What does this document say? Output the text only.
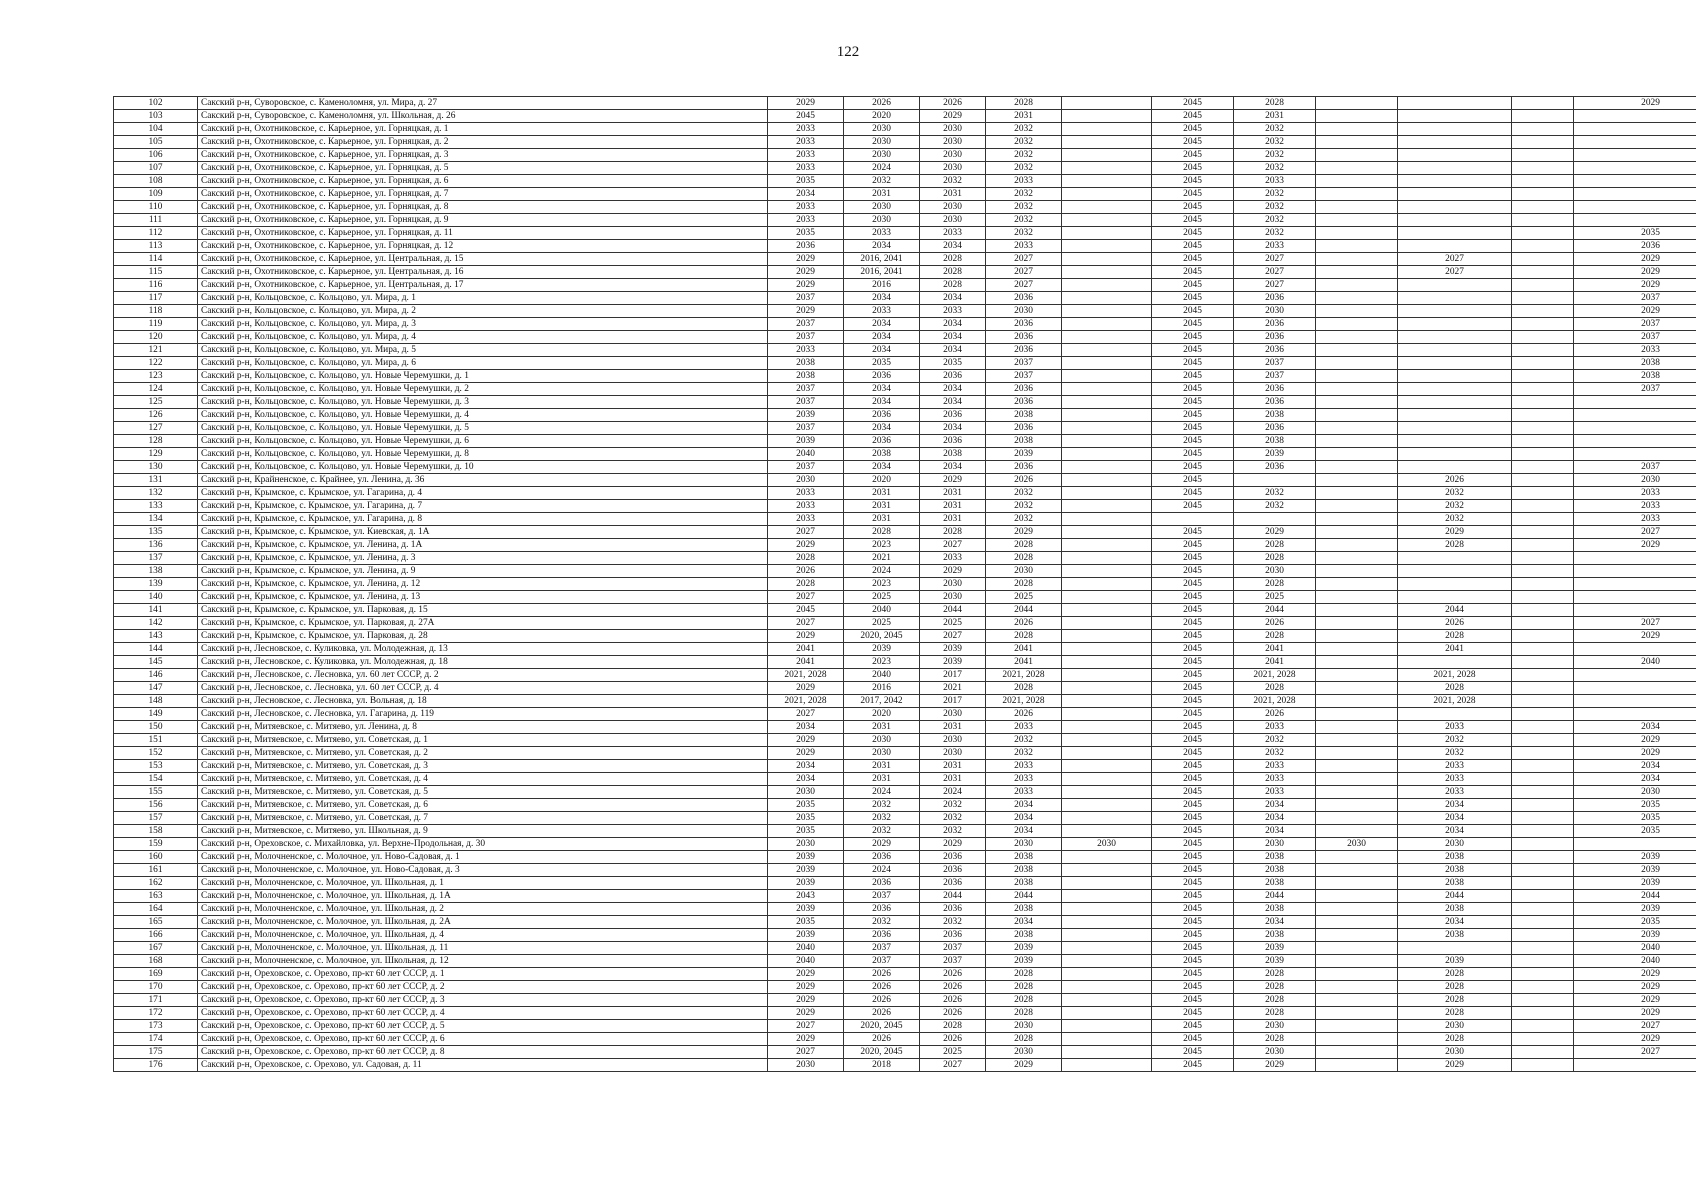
122
102	Сакский р-н, Суворовское, с. Каменоломня, ул. Мира, д. 27	2029	2026	2026	2028		2045	2028				2029
103	Сакский р-н, Суворовское, с. Каменоломня, ул. Школьная, д. 26	2045	2020	2029	2031		2045	2031				
104	Сакский р-н, Охотниковское, с. Карьерное, ул. Горняцкая, д. 1	2033	2030	2030	2032		2045	2032				
105	Сакский р-н, Охотниковское, с. Карьерное, ул. Горняцкая, д. 2	2033	2030	2030	2032		2045	2032				
106	Сакский р-н, Охотниковское, с. Карьерное, ул. Горняцкая, д. 3	2033	2030	2030	2032		2045	2032				
107	Сакский р-н, Охотниковское, с. Карьерное, ул. Горняцкая, д. 5	2033	2024	2030	2032		2045	2032				
108	Сакский р-н, Охотниковское, с. Карьерное, ул. Горняцкая, д. 6	2035	2032	2032	2033		2045	2033				
109	Сакский р-н, Охотниковское, с. Карьерное, ул. Горняцкая, д. 7	2034	2031	2031	2032		2045	2032				
110	Сакский р-н, Охотниковское, с. Карьерное, ул. Горняцкая, д. 8	2033	2030	2030	2032		2045	2032				
111	Сакский р-н, Охотниковское, с. Карьерное, ул. Горняцкая, д. 9	2033	2030	2030	2032		2045	2032				
112	Сакский р-н, Охотниковское, с. Карьерное, ул. Горняцкая, д. 11	2035	2033	2033	2032		2045	2032				2035
113	Сакский р-н, Охотниковское, с. Карьерное, ул. Горняцкая, д. 12	2036	2034	2034	2033		2045	2033				2036
114	Сакский р-н, Охотниковское, с. Карьерное, ул. Центральная, д. 15	2029	2016, 2041	2028	2027		2045	2027		2027		2029
115	Сакский р-н, Охотниковское, с. Карьерное, ул. Центральная, д. 16	2029	2016, 2041	2028	2027		2045	2027		2027		2029
116	Сакский р-н, Охотниковское, с. Карьерное, ул. Центральная, д. 17	2029	2016	2028	2027		2045	2027				2029
117	Сакский р-н, Кольцовское, с. Кольцово, ул. Мира, д. 1	2037	2034	2034	2036		2045	2036				2037
118	Сакский р-н, Кольцовское, с. Кольцово, ул. Мира, д. 2	2029	2033	2033	2030		2045	2030				2029
119	Сакский р-н, Кольцовское, с. Кольцово, ул. Мира, д. 3	2037	2034	2034	2036		2045	2036				2037
120	Сакский р-н, Кольцовское, с. Кольцово, ул. Мира, д. 4	2037	2034	2034	2036		2045	2036				2037
121	Сакский р-н, Кольцовское, с. Кольцово, ул. Мира, д. 5	2033	2034	2034	2036		2045	2036				2033
122	Сакский р-н, Кольцовское, с. Кольцово, ул. Мира, д. 6	2038	2035	2035	2037		2045	2037				2038
123	Сакский р-н, Кольцовское, с. Кольцово, ул. Новые Черемушки, д. 1	2038	2036	2036	2037		2045	2037				2038
124	Сакский р-н, Кольцовское, с. Кольцово, ул. Новые Черемушки, д. 2	2037	2034	2034	2036		2045	2036				2037
125	Сакский р-н, Кольцовское, с. Кольцово, ул. Новые Черемушки, д. 3	2037	2034	2034	2036		2045	2036				
126	Сакский р-н, Кольцовское, с. Кольцово, ул. Новые Черемушки, д. 4	2039	2036	2036	2038		2045	2038				
127	Сакский р-н, Кольцовское, с. Кольцово, ул. Новые Черемушки, д. 5	2037	2034	2034	2036		2045	2036				
128	Сакский р-н, Кольцовское, с. Кольцово, ул. Новые Черемушки, д. 6	2039	2036	2036	2038		2045	2038				
129	Сакский р-н, Кольцовское, с. Кольцово, ул. Новые Черемушки, д. 8	2040	2038	2038	2039		2045	2039				
130	Сакский р-н, Кольцовское, с. Кольцово, ул. Новые Черемушки, д. 10	2037	2034	2034	2036		2045	2036				2037
131	Сакский р-н, Крайненское, с. Крайнее, ул. Ленина, д. 36	2030	2020	2029	2026		2045			2026		2030
132	Сакский р-н, Крымское, с. Крымское, ул. Гагарина, д. 4	2033	2031	2031	2032		2045	2032		2032		2033
133	Сакский р-н, Крымское, с. Крымское, ул. Гагарина, д. 7	2033	2031	2031	2032		2045	2032		2032		2033
134	Сакский р-н, Крымское, с. Крымское, ул. Гагарина, д. 8	2033	2031	2031	2032					2032		2033
135	Сакский р-н, Крымское, с. Крымское, ул. Киевская, д. 1А	2027	2028	2028	2029		2045	2029		2029		2027
136	Сакский р-н, Крымское, с. Крымское, ул. Ленина, д. 1А	2029	2023	2027	2028		2045	2028		2028		2029
137	Сакский р-н, Крымское, с. Крымское, ул. Ленина, д. 3	2028	2021	2033	2028		2045	2028				
138	Сакский р-н, Крымское, с. Крымское, ул. Ленина, д. 9	2026	2024	2029	2030		2045	2030				
139	Сакский р-н, Крымское, с. Крымское, ул. Ленина, д. 12	2028	2023	2030	2028		2045	2028				
140	Сакский р-н, Крымское, с. Крымское, ул. Ленина, д. 13	2027	2025	2030	2025		2045	2025				
141	Сакский р-н, Крымское, с. Крымское, ул. Парковая, д. 15	2045	2040	2044	2044		2045	2044		2044		
142	Сакский р-н, Крымское, с. Крымское, ул. Парковая, д. 27А	2027	2025	2025	2026		2045	2026		2026		2027
143	Сакский р-н, Крымское, с. Крымское, ул. Парковая, д. 28	2029	2020, 2045	2027	2028		2045	2028		2028		2029
144	Сакский р-н, Лесновское, с. Куликовка, ул. Молодежная, д. 13	2041	2039	2039	2041		2045	2041		2041		
145	Сакский р-н, Лесновское, с. Куликовка, ул. Молодежная, д. 18	2041	2023	2039	2041		2045	2041				2040
146	Сакский р-н, Лесновское, с. Лесновка, ул. 60 лет СССР, д. 2	2021, 2028	2040	2017	2021, 2028		2045	2021, 2028		2021, 2028		
147	Сакский р-н, Лесновское, с. Лесновка, ул. 60 лет СССР, д. 4	2029	2016	2021	2028		2045	2028		2028		
148	Сакский р-н, Лесновское, с. Лесновка, ул. Вольная, д. 18	2021, 2028	2017, 2042	2017	2021, 2028		2045	2021, 2028		2021, 2028		
149	Сакский р-н, Лесновское, с. Лесновка, ул. Гагарина, д. 119	2027	2020	2030	2026		2045	2026				
150	Сакский р-н, Митяевское, с. Митяево, ул. Ленина, д. 8	2034	2031	2031	2033		2045	2033		2033		2034
151	Сакский р-н, Митяевское, с. Митяево, ул. Советская, д. 1	2029	2030	2030	2032		2045	2032		2032		2029
152	Сакский р-н, Митяевское, с. Митяево, ул. Советская, д. 2	2029	2030	2030	2032		2045	2032		2032		2029
153	Сакский р-н, Митяевское, с. Митяево, ул. Советская, д. 3	2034	2031	2031	2033		2045	2033		2033		2034
154	Сакский р-н, Митяевское, с. Митяево, ул. Советская, д. 4	2034	2031	2031	2033		2045	2033		2033		2034
155	Сакский р-н, Митяевское, с. Митяево, ул. Советская, д. 5	2030	2024	2024	2033		2045	2033		2033		2030
156	Сакский р-н, Митяевское, с. Митяево, ул. Советская, д. 6	2035	2032	2032	2034		2045	2034		2034		2035
157	Сакский р-н, Митяевское, с. Митяево, ул. Советская, д. 7	2035	2032	2032	2034		2045	2034		2034		2035
158	Сакский р-н, Митяевское, с. Митяево, ул. Школьная, д. 9	2035	2032	2032	2034		2045	2034		2034		2035
159	Сакский р-н, Ореховское, с. Михайловка, ул. Верхне-Продольная, д. 30	2030	2029	2029	2030	2030	2045	2030	2030	2030		
160	Сакский р-н, Молочненское, с. Молочное, ул. Ново-Садовая, д. 1	2039	2036	2036	2038		2045	2038		2038		2039
161	Сакский р-н, Молочненское, с. Молочное, ул. Ново-Садовая, д. 3	2039	2024	2036	2038		2045	2038		2038		2039
162	Сакский р-н, Молочненское, с. Молочное, ул. Школьная, д. 1	2039	2036	2036	2038		2045	2038		2038		2039
163	Сакский р-н, Молочненское, с. Молочное, ул. Школьная, д. 1А	2043	2037	2044	2044		2045	2044		2044		2044
164	Сакский р-н, Молочненское, с. Молочное, ул. Школьная, д. 2	2039	2036	2036	2038		2045	2038		2038		2039
165	Сакский р-н, Молочненское, с. Молочное, ул. Школьная, д. 2А	2035	2032	2032	2034		2045	2034		2034		2035
166	Сакский р-н, Молочненское, с. Молочное, ул. Школьная, д. 4	2039	2036	2036	2038		2045	2038		2038		2039
167	Сакский р-н, Молочненское, с. Молочное, ул. Школьная, д. 11	2040	2037	2037	2039		2045	2039				2040
168	Сакский р-н, Молочненское, с. Молочное, ул. Школьная, д. 12	2040	2037	2037	2039		2045	2039		2039		2040
169	Сакский р-н, Ореховское, с. Орехово, пр-кт 60 лет СССР, д. 1	2029	2026	2026	2028		2045	2028		2028		2029
170	Сакский р-н, Ореховское, с. Орехово, пр-кт 60 лет СССР, д. 2	2029	2026	2026	2028		2045	2028		2028		2029
171	Сакский р-н, Ореховское, с. Орехово, пр-кт 60 лет СССР, д. 3	2029	2026	2026	2028		2045	2028		2028		2029
172	Сакский р-н, Ореховское, с. Орехово, пр-кт 60 лет СССР, д. 4	2029	2026	2026	2028		2045	2028		2028		2029
173	Сакский р-н, Ореховское, с. Орехово, пр-кт 60 лет СССР, д. 5	2027	2020, 2045	2028	2030		2045	2030		2030		2027
174	Сакский р-н, Ореховское, с. Орехово, пр-кт 60 лет СССР, д. 6	2029	2026	2026	2028		2045	2028		2028		2029
175	Сакский р-н, Ореховское, с. Орехово, пр-кт 60 лет СССР, д. 8	2027	2020, 2045	2025	2030		2045	2030		2030		2027
176	Сакский р-н, Ореховское, с. Орехово, ул. Садовая, д. 11	2030	2018	2027	2029		2045	2029		2029		
